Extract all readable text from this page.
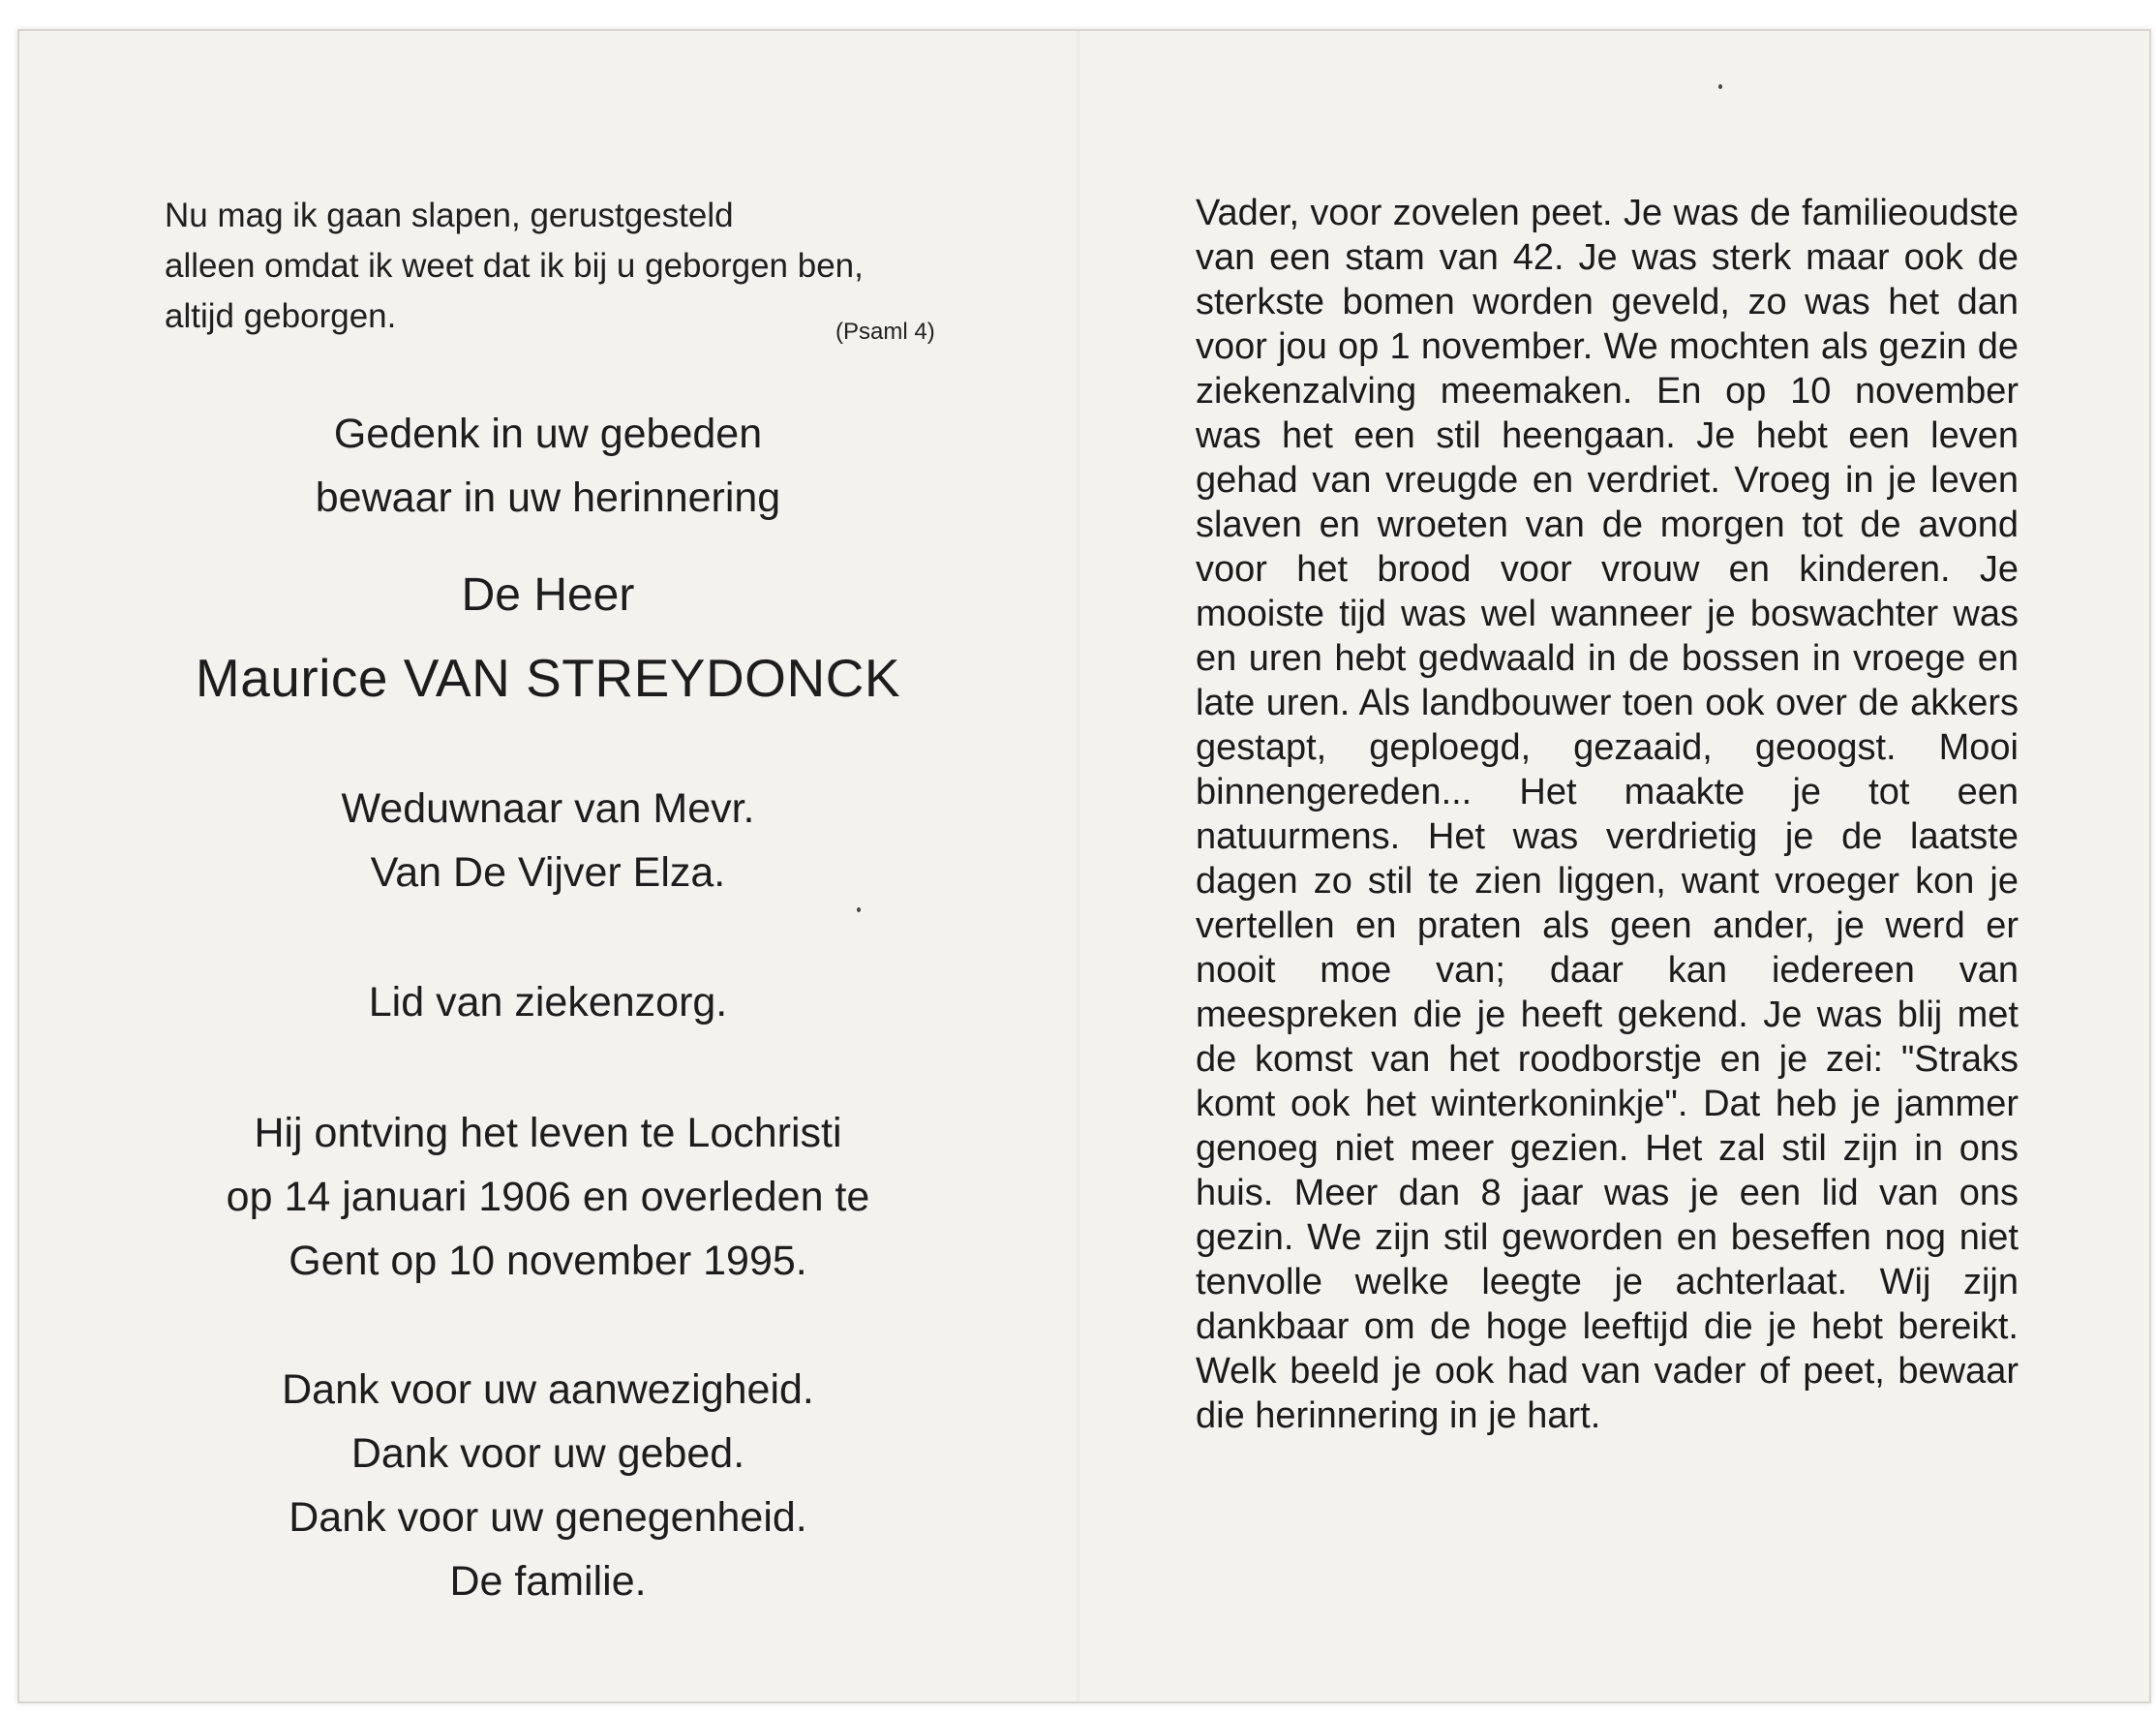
Nu mag ik gaan slapen, gerustgesteld
alleen omdat ik weet dat ik bij u geborgen ben,
altijd geborgen.	(Psaml 4)
Gedenk in uw gebeden
bewaar in uw herinnering
De Heer
Maurice VAN STREYDONCK
Weduwnaar van Mevr.
Van De Vijver Elza.
Lid van ziekenzorg.
Hij ontving het leven te Lochristi
op 14 januari 1906 en overleden te
Gent op 10 november 1995.
Dank voor uw aanwezigheid.
Dank voor uw gebed.
Dank voor uw genegenheid.
De familie.
Vader, voor zovelen peet. Je was de familieoudste van een stam van 42. Je was sterk maar ook de sterkste bomen worden geveld, zo was het dan voor jou op 1 november. We mochten als gezin de ziekenzalving meemaken. En op 10 november was het een stil heengaan. Je hebt een leven gehad van vreugde en verdriet. Vroeg in je leven slaven en wroeten van de morgen tot de avond voor het brood voor vrouw en kinderen. Je mooiste tijd was wel wanneer je boswachter was en uren hebt gedwaald in de bossen in vroege en late uren. Als landbouwer toen ook over de akkers gestapt, geploegd, gezaaid, geoogst. Mooi binnengereden... Het maakte je tot een natuurmens. Het was verdrietig je de laatste dagen zo stil te zien liggen, want vroeger kon je vertellen en praten als geen ander, je werd er nooit moe van; daar kan iedereen van meespreken die je heeft gekend. Je was blij met de komst van het roodborstje en je zei: "Straks komt ook het winterkoninkje". Dat heb je jammer genoeg niet meer gezien. Het zal stil zijn in ons huis. Meer dan 8 jaar was je een lid van ons gezin. We zijn stil geworden en beseffen nog niet tenvolle welke leegte je achterlaat. Wij zijn dankbaar om de hoge leeftijd die je hebt bereikt. Welk beeld je ook had van vader of peet, bewaar die herinnering in je hart.
